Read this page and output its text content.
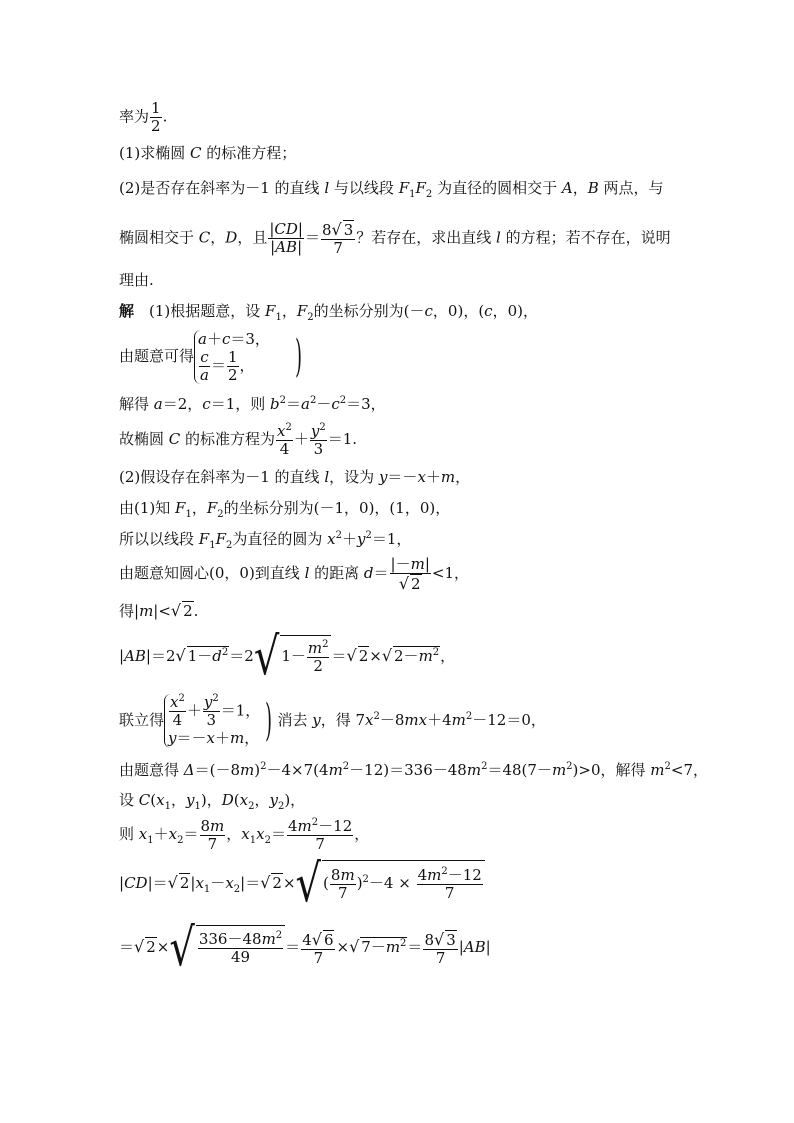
率为 $\frac{1}{2}$ .
(1)求椭圆 C 的标准方程；
(2)是否存在斜率为－1 的直线 l 与以线段 $F_1F_2$ 为直径的圆相交于 A，B 两点，与
椭圆相交于 C，D，且 $\frac{|CD|}{|AB|} = \frac{8√ 3}{7}$ ？若存在，求出直线 l 的方程；若不存在，说明
理由.
解　(1)根据题意，设 $F_1$，$F_2$的坐标分别为(－c，0)，(c，0)，
由题意可得
a＋c＝3，
$\frac{c}{a} = \frac{1}{2}$ ， )
解得 a＝2，c＝1，则 $b^2=a^2-c^2=3$，
故椭圆 C 的标准方程为 $\frac{x^2}{4} + \frac{y^2}{3} =1$.
(2)假设存在斜率为－1 的直线 l，设为 y＝－x＋m，
由(1)知 $F_1$，$F_2$的坐标分别为(－1，0)，(1，0)，
所以以线段 $F_1F_2$为直径的圆为 $x^2+y^2=1$，
由题意知圆心(0，0)到直线 l 的距离 $d= \frac{|-m|}{√ 2} <1$，
得|m|<√ 2.
|AB|＝2√ $1-d^2=2√$ $1- \frac{m^2}{2}$ ＝√ 2×√ $2-m^2$，
联立得 $\frac{x^2}{4} + \frac{y^2}{3} =1$，
y＝－x＋m， ) 消去 y，得 $7x^2-8mx+4m^2-12=0$，
由题意得 $\Delta=(-8m)^2-4\times 7(4m^2-12)=336-48m^2=48(7-m^2)>0$，解得 $m^2<7$，
设 $C(x_1$，$y_1$)，$D(x_2$，$y_2$)，
则 $x_1+x_2= \frac{8m}{7}$ ，$x_1x_2= \frac{4m^2-12}{7}$ ，
|CD|＝√ $2|x_1-x_2|=√$ 2×√ ( $\frac{8m}{7} )^2-4 \times \frac{4m^2-12}{7}$
＝√ $2\times√ \frac{336-48m^2}{49} = \frac{4√ 6}{7}$ ×√ $7-m^2= \frac{8√ 3}{7} |AB|$
